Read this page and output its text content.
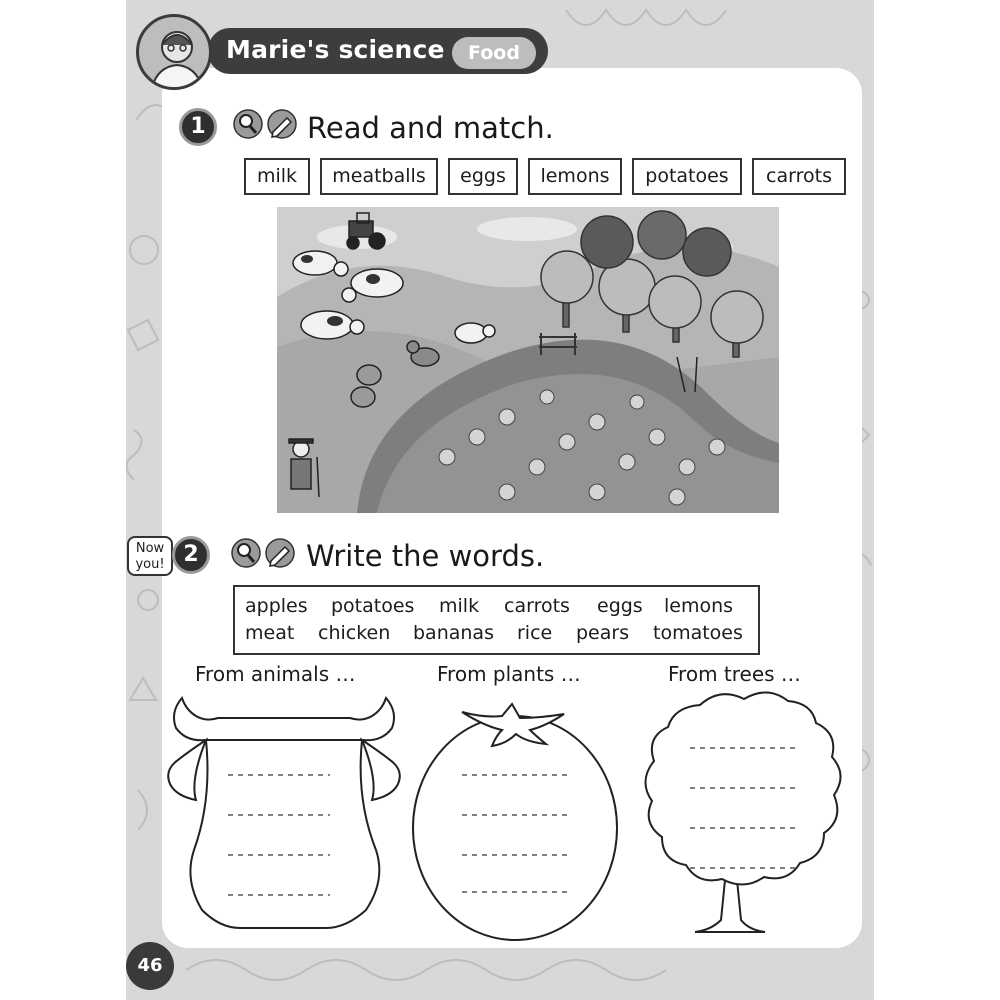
Marie's science	Food
1	Read and match.
milk	meatballs	eggs	lemons	potatoes	carrots
Now
you! 2	Write the words.
apples potatoes milk carrots eggs lemons
meat chicken bananas rice pears tomatoes
From animals …	From plants …	From trees …
46
